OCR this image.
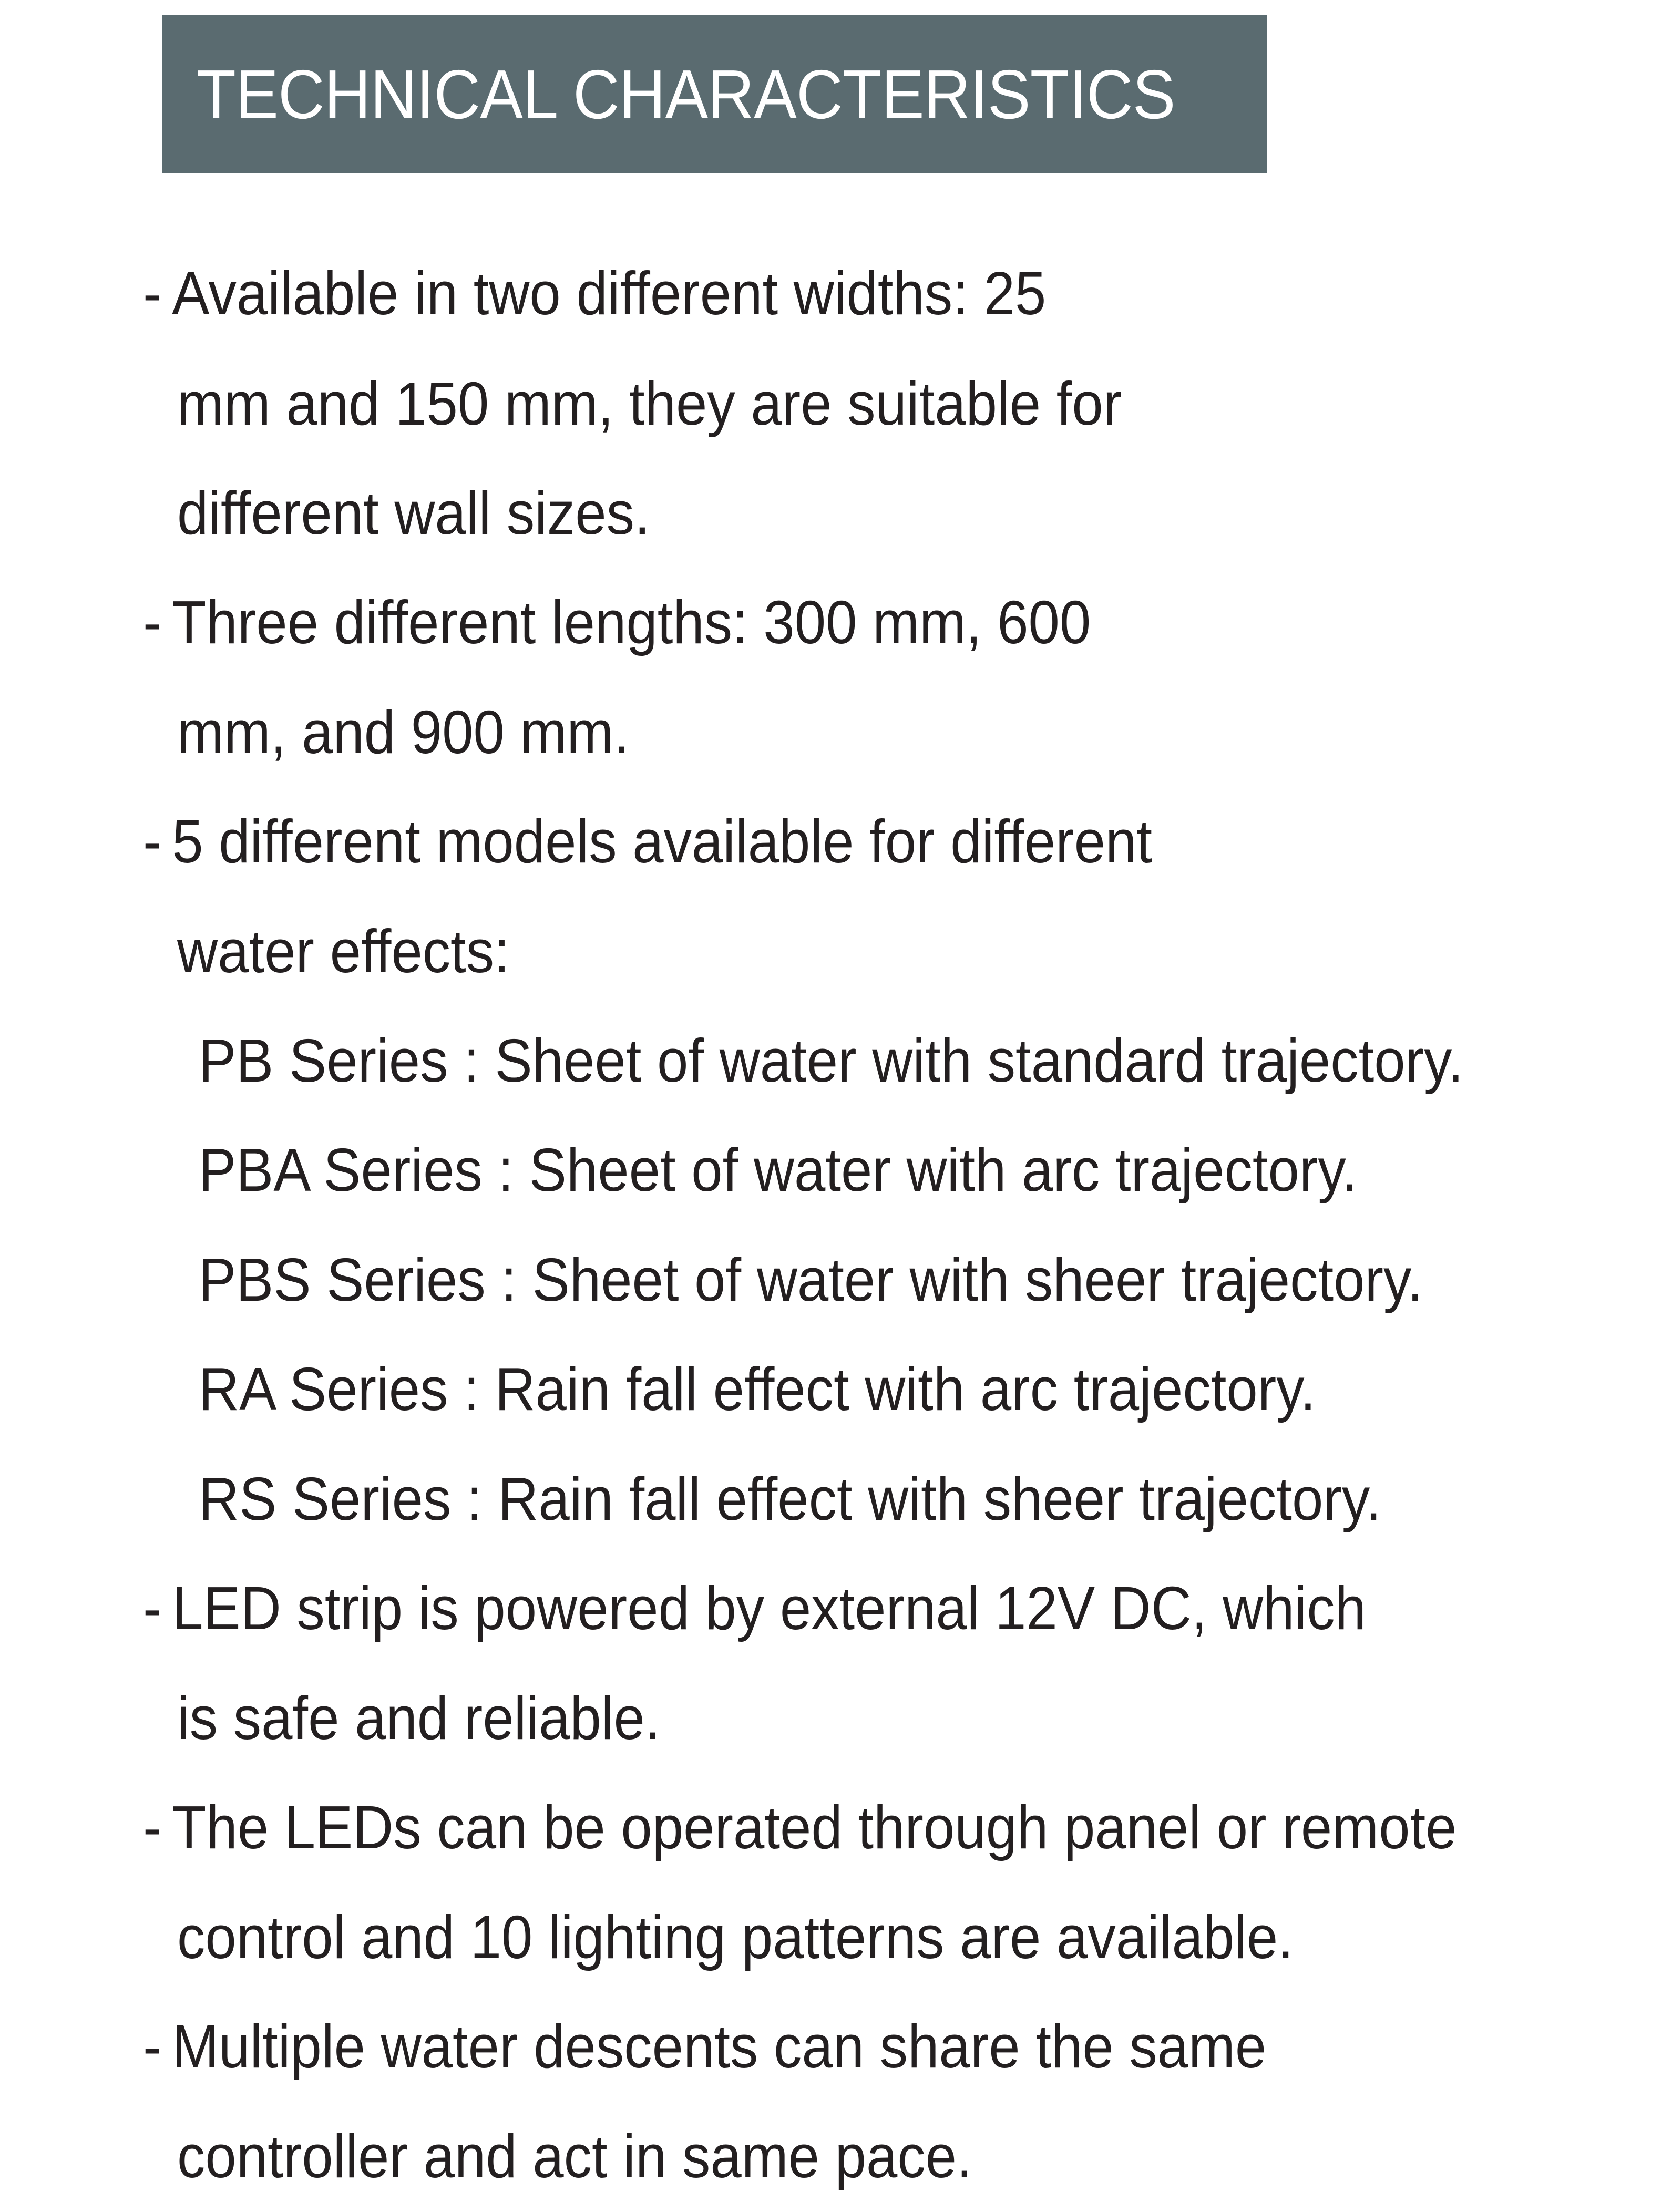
TECHNICAL CHARACTERISTICS
- Available in two different widths: 25
mm and 150 mm, they are suitable for
different wall sizes.
- Three different lengths: 300 mm, 600
mm, and 900 mm.
- 5 different models available for different
water effects:
PB Series : Sheet of water with standard trajectory.
PBA Series : Sheet of water with arc trajectory.
PBS Series : Sheet of water with sheer trajectory.
RA Series : Rain fall effect with arc trajectory.
RS Series : Rain fall effect with sheer trajectory.
- LED strip is powered by external 12V DC, which
is safe and reliable.
- The LEDs can be operated through panel or remote
control and 10 lighting patterns are available.
- Multiple water descents can share the same
controller and act in same pace.
